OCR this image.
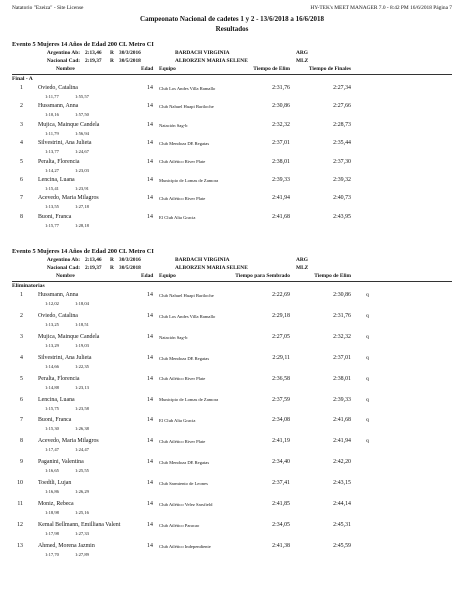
Natatorio "Ezeiza" - Site License	HY-TEK's MEET MANAGER 7.0 - 8:42 PM 16/6/2018 Página 7
Campeonato Nacional de cadetes 1 y 2 - 13/6/2018 a 16/6/2018
Resultados
Evento 5 Mujeres 14 Años de Edad 200 CL Metro CI
Argentino Ab: 2:13,46 R 30/3/2016	BARDACH VIRGINIA	ARG
Nacional Cad: 2:19,37 R 30/5/2018	ALBORZEN MARIA SELENE	MLZ
Nombre	Edad Equipo	Tiempo de Elim	Tiempo de Finales
Final - A
1	Oviedo, Catalina	14 Club Los Andes Villa Ramallo	2:31,76	2:27,34
1:11,77	1:55,57
2	Hussmann, Anna	14 Club Nahuel Huapi Bariloche	2:30,86	2:27,66
1:10,16	1:57,50
3	Mujica, Mainque Candela	14 Natación Sag-b	2:32,32	2:28,73
1:11,79	1:56,94
4	Silvestrini, Ana Julieta	14 Club Mendoza DE Regatas	2:37,01	2:35,44
1:13,77	1:24,67
5	Peralta, Florencia	14 Club Atlético River Plate	2:38,01	2:37,30
1:14,27	1:23,03
6	Lencina, Luana	14 Municipio de Lomas de Zamora	2:39,33	2:39,32
1:15,41	1:23,91
7	Acevedo, Maria Milagros	14 Club Atlético River Plate	2:41,94	2:40,73
1:13,55	1:27,18
8	Buoni, Franca	14 El Club Alta Gracia	2:41,68	2:43,95
1:15,77	1:28,18
Evento 5 Mujeres 14 Años de Edad 200 CL Metro CI
Argentino Ab: 2:13,46 R 30/3/2016	BARDACH VIRGINIA	ARG
Nacional Cad: 2:19,37 R 30/5/2018	ALBORZEN MARIA SELENE	MLZ
Nombre	Edad Equipo	Tiempo para Sembrado	Tiempo de Elim
Eliminatorias
1	Hussmann, Anna	14 Club Nahuel Huapi Bariloche	2:22,69	2:30,86	q
1:12,02	1:18,04
2	Oviedo, Catalina	14 Club Los Andes Villa Ramallo	2:29,18	2:31,76	q
1:13,25	1:18,51
3	Mujica, Mainque Candela	14 Natación Sag-b	2:27,05	2:32,32	q
1:13,29	1:19,03
4	Silvestrini, Ana Julieta	14 Club Mendoza DE Regatas	2:29,11	2:37,01	q
1:14,66	1:22,35
5	Peralta, Florencia	14 Club Atlético River Plate	2:36,58	2:38,01	q
1:14,88	1:23,13
6	Lencina, Luana	14 Municipio de Lomas de Zamora	2:37,59	2:39,33	q
1:15,75	1:23,58
7	Buoni, Franca	14 El Club Alta Gracia	2:34,08	2:41,68	q
1:15,30	1:26,38
8	Acevedo, Maria Milagros	14 Club Atlético River Plate	2:41,19	2:41,94	q
1:17,47	1:24,47
9	Paganini, Valentina	14 Club Mendoza DE Regatas	2:34,40	2:42,20
1:16,65	1:25,55
10	Toedtli, Lujan	14 Club Sarmiento de Leones	2:37,41	2:43,15
1:16,86	1:26,29
11	Moniz, Rebeca	14 Club Atlético Velez Sarsfield	2:41,85	2:44,14
1:18,98	1:25,16
12	Kemal Bellmann, Emilliana Valent	14 Club Atlético Paracao	2:34,05	2:45,31
1:17,98	1:27,33
13	Ahmed, Morena Jazmin	14 Club Atlético Independiente	2:41,38	2:45,59
1:17,70	1:27,89
